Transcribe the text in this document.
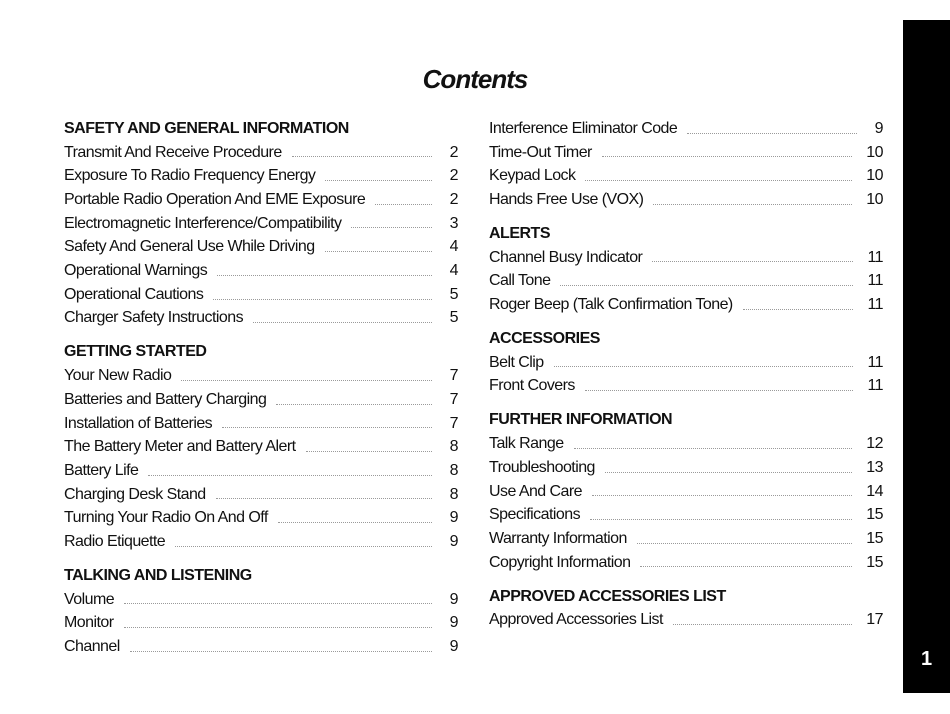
Contents
SAFETY AND GENERAL INFORMATION
Transmit And Receive Procedure	2
Exposure To Radio Frequency Energy	2
Portable Radio Operation And EME Exposure	2
Electromagnetic Interference/Compatibility	3
Safety And General Use While Driving	4
Operational Warnings	4
Operational Cautions	5
Charger Safety Instructions	5
GETTING STARTED
Your New Radio	7
Batteries and Battery Charging	7
Installation of Batteries	7
The Battery Meter and Battery Alert	8
Battery Life	8
Charging Desk Stand	8
Turning Your Radio On And Off	9
Radio Etiquette	9
TALKING AND LISTENING
Volume	9
Monitor	9
Channel	9
Interference Eliminator Code	9
Time-Out Timer	10
Keypad Lock	10
Hands Free Use (VOX)	10
ALERTS
Channel Busy Indicator	11
Call Tone	11
Roger Beep (Talk Confirmation Tone)	11
ACCESSORIES
Belt Clip	11
Front Covers	11
FURTHER INFORMATION
Talk Range	12
Troubleshooting	13
Use And Care	14
Specifications	15
Warranty Information	15
Copyright Information	15
APPROVED ACCESSORIES LIST
Approved Accessories List	17
1
